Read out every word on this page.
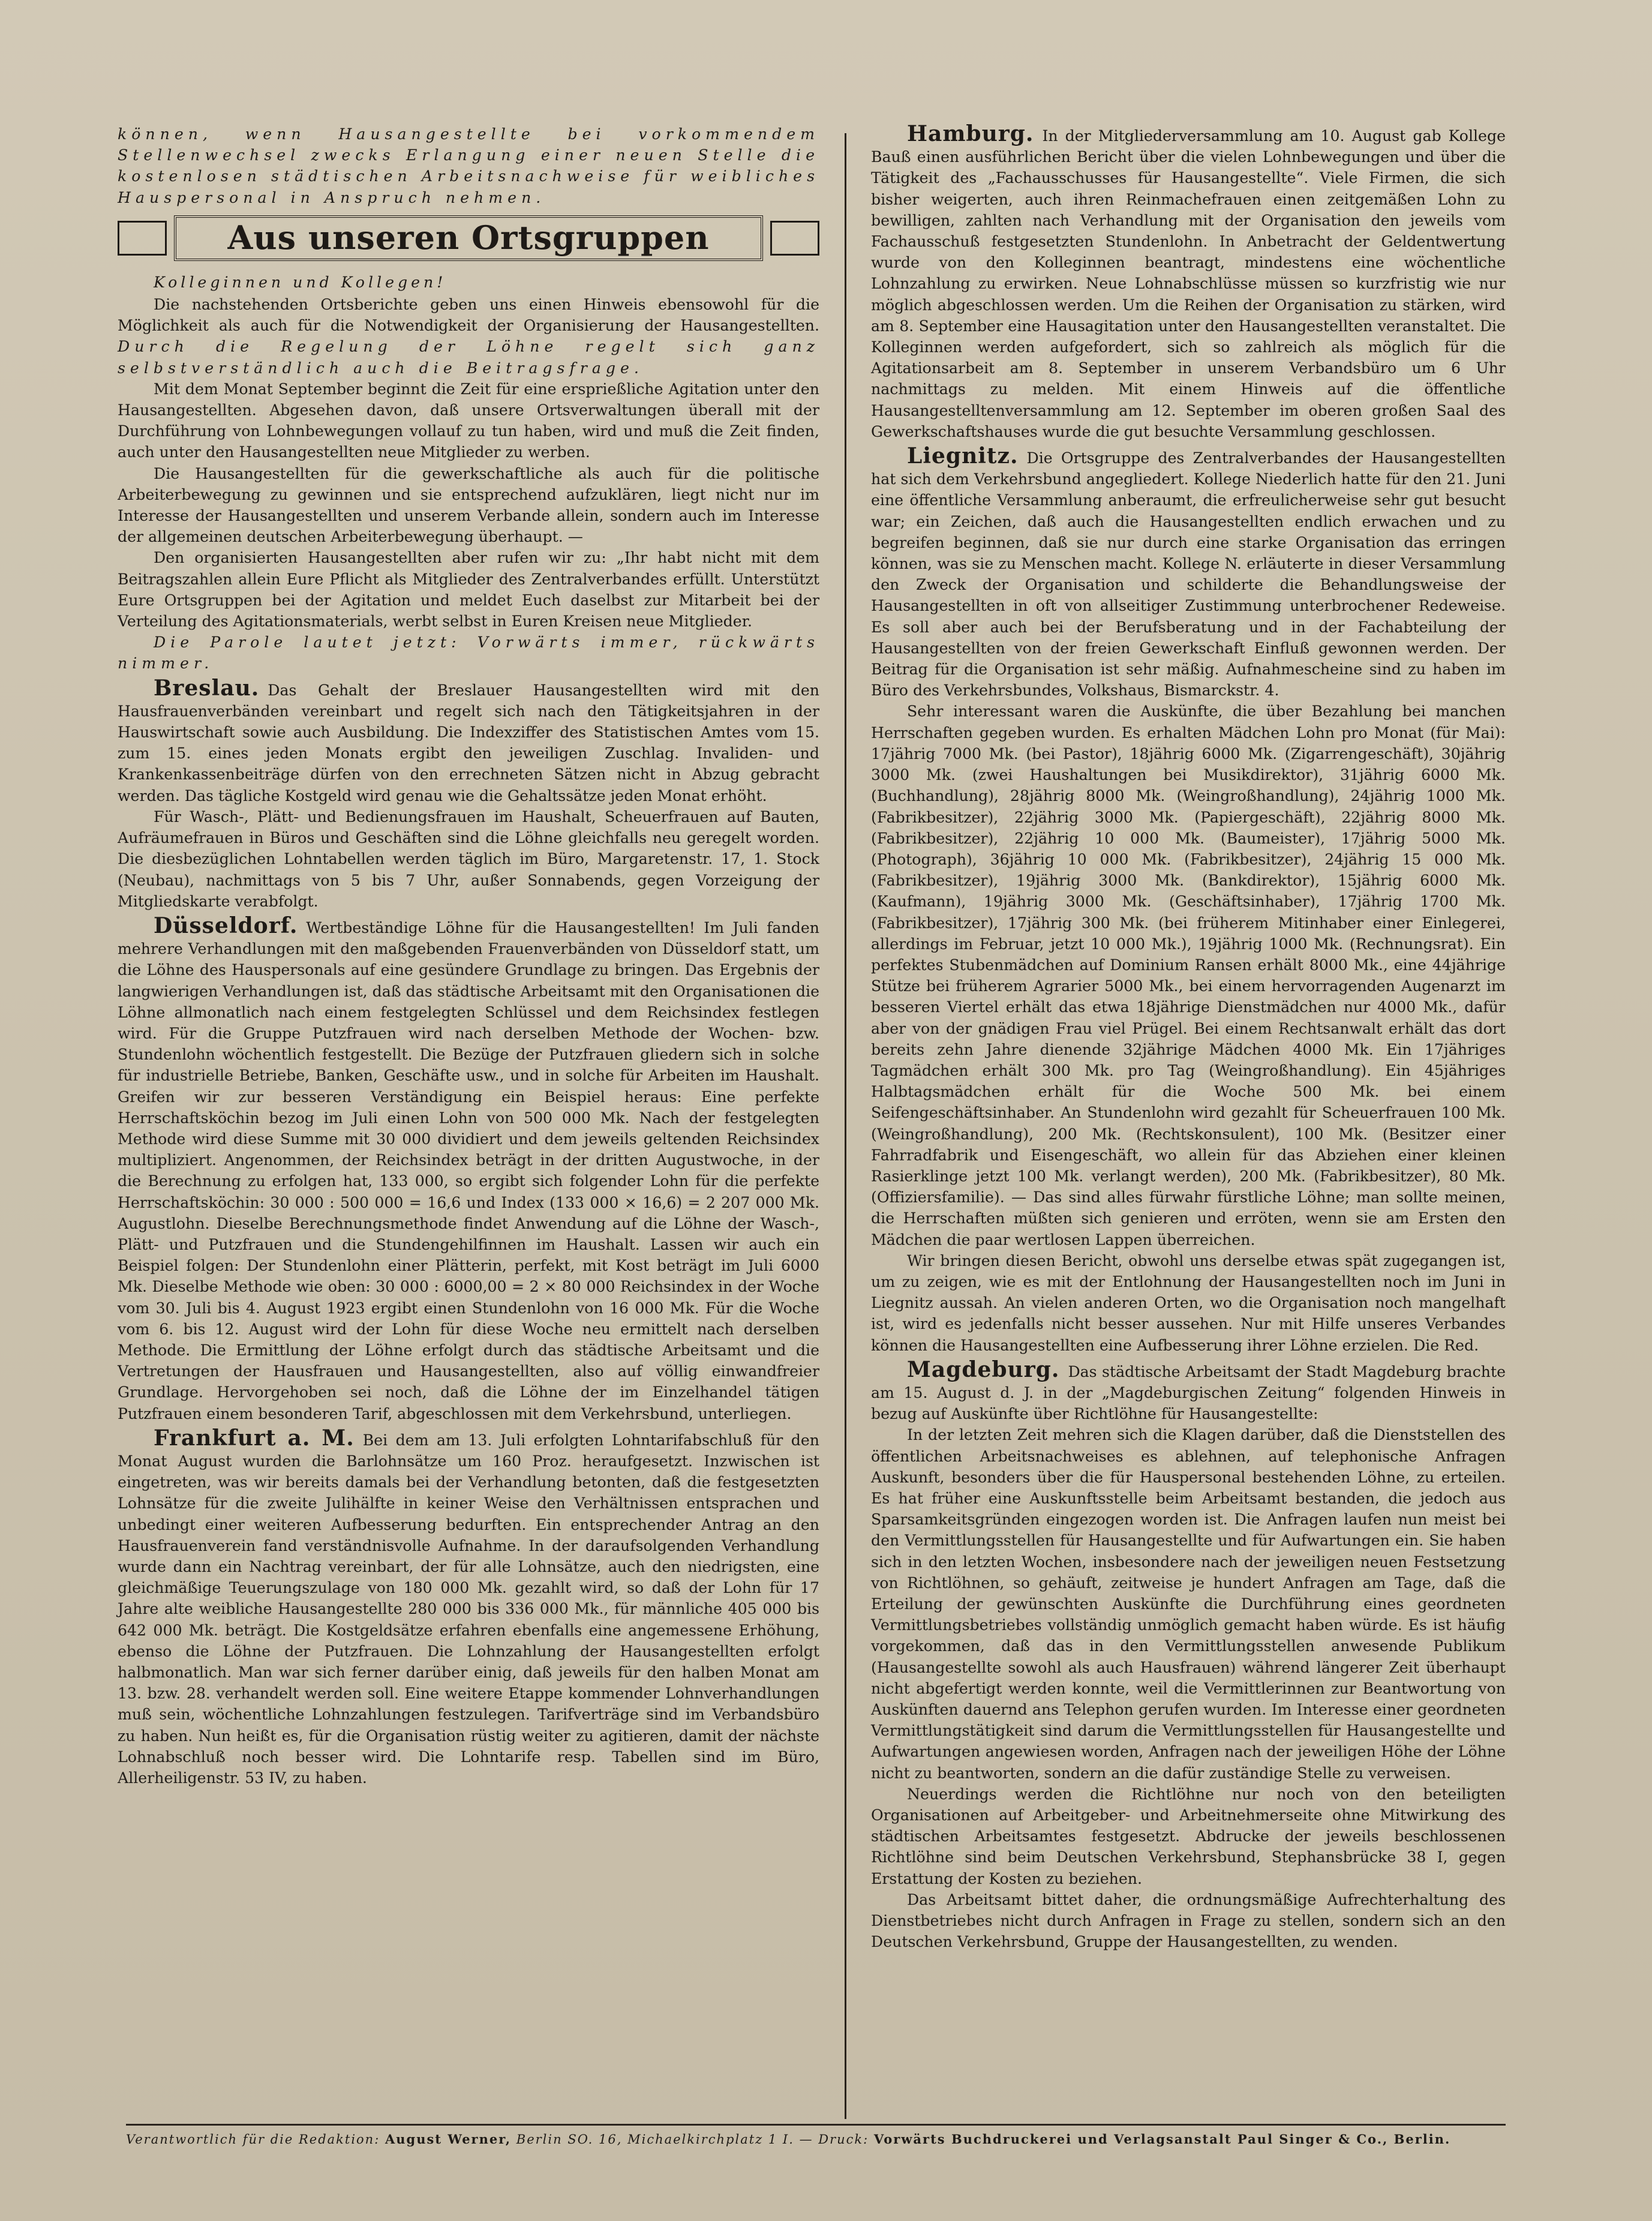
können, wenn Hausangestellte bei vorkommendem Stellenwechsel zwecks Erlangung einer neuen Stelle die kostenlosen städtischen Arbeitsnachweise für weibliches Hauspersonal in Anspruch nehmen.

Aus unseren Ortsgruppen

Kolleginnen und Kollegen!

Die nachstehenden Ortsberichte geben uns einen Hinweis ebensowohl für die Möglichkeit als auch für die Notwendigkeit der Organisierung der Hausangestellten. Durch die Regelung der Löhne regelt sich ganz selbstverständlich auch die Beitragsfrage.

Mit dem Monat September beginnt die Zeit für eine ersprießliche Agitation unter den Hausangestellten. Abgesehen davon, daß unsere Ortsverwaltungen überall mit der Durchführung von Lohnbewegungen vollauf zu tun haben, wird und muß die Zeit finden, auch unter den Hausangestellten neue Mitglieder zu werben.

Die Hausangestellten für die gewerkschaftliche als auch für die politische Arbeiterbewegung zu gewinnen und sie entsprechend aufzuklären, liegt nicht nur im Interesse der Hausangestellten und unserem Verbande allein, sondern auch im Interesse der allgemeinen deutschen Arbeiterbewegung überhaupt. —

Den organisierten Hausangestellten aber rufen wir zu: „Ihr habt nicht mit dem Beitragszahlen allein Eure Pflicht als Mitglieder des Zentralverbandes erfüllt. Unterstützt Eure Ortsgruppen bei der Agitation und meldet Euch daselbst zur Mitarbeit bei der Verteilung des Agitationsmaterials, werbt selbst in Euren Kreisen neue Mitglieder.

Die Parole lautet jetzt: Vorwärts immer, rückwärts nimmer.

Breslau. Das Gehalt der Breslauer Hausangestellten wird mit den Hausfrauenverbänden vereinbart und regelt sich nach den Tätigkeitsjahren in der Hauswirtschaft sowie auch Ausbildung. Die Indexziffer des Statistischen Amtes vom 15. zum 15. eines jeden Monats ergibt den jeweiligen Zuschlag. Invaliden- und Krankenkassenbeiträge dürfen von den errechneten Sätzen nicht in Abzug gebracht werden. Das tägliche Kostgeld wird genau wie die Gehaltssätze jeden Monat erhöht.

Für Wasch-, Plätt- und Bedienungsfrauen im Haushalt, Scheuerfrauen auf Bauten, Aufräumefrauen in Büros und Geschäften sind die Löhne gleichfalls neu geregelt worden. Die diesbezüglichen Lohntabellen werden täglich im Büro, Margaretenstr. 17, 1. Stock (Neubau), nachmittags von 5 bis 7 Uhr, außer Sonnabends, gegen Vorzeigung der Mitgliedskarte verabfolgt.

Düsseldorf. Wertbeständige Löhne für die Hausangestellten! Im Juli fanden mehrere Verhandlungen mit den maßgebenden Frauenverbänden von Düsseldorf statt, um die Löhne des Hauspersonals auf eine gesündere Grundlage zu bringen. Das Ergebnis der langwierigen Verhandlungen ist, daß das städtische Arbeitsamt mit den Organisationen die Löhne allmonatlich nach einem festgelegten Schlüssel und dem Reichsindex festlegen wird. Für die Gruppe Putzfrauen wird nach derselben Methode der Wochen- bzw. Stundenlohn wöchentlich festgestellt. Die Bezüge der Putzfrauen gliedern sich in solche für industrielle Betriebe, Banken, Geschäfte usw., und in solche für Arbeiten im Haushalt. Greifen wir zur besseren Verständigung ein Beispiel heraus: Eine perfekte Herrschaftsköchin bezog im Juli einen Lohn von 500 000 Mk. Nach der festgelegten Methode wird diese Summe mit 30 000 dividiert und dem jeweils geltenden Reichsindex multipliziert. Angenommen, der Reichsindex beträgt in der dritten Augustwoche, in der die Berechnung zu erfolgen hat, 133 000, so ergibt sich folgender Lohn für die perfekte Herrschaftsköchin: 30 000 : 500 000 = 16,6 und Index (133 000 × 16,6) = 2 207 000 Mk. Augustlohn. Dieselbe Berechnungsmethode findet Anwendung auf die Löhne der Wasch-, Plätt- und Putzfrauen und die Stundengehilfinnen im Haushalt. Lassen wir auch ein Beispiel folgen: Der Stundenlohn einer Plätterin, perfekt, mit Kost beträgt im Juli 6000 Mk. Dieselbe Methode wie oben: 30 000 : 6000,00 = 2 × 80 000 Reichsindex in der Woche vom 30. Juli bis 4. August 1923 ergibt einen Stundenlohn von 16 000 Mk. Für die Woche vom 6. bis 12. August wird der Lohn für diese Woche neu ermittelt nach derselben Methode. Die Ermittlung der Löhne erfolgt durch das städtische Arbeitsamt und die Vertretungen der Hausfrauen und Hausangestellten, also auf völlig einwandfreier Grundlage. Hervorgehoben sei noch, daß die Löhne der im Einzelhandel tätigen Putzfrauen einem besonderen Tarif, abgeschlossen mit dem Verkehrsbund, unterliegen.

Frankfurt a. M. Bei dem am 13. Juli erfolgten Lohntarifabschluß für den Monat August wurden die Barlohnsätze um 160 Proz. heraufgesetzt. Inzwischen ist eingetreten, was wir bereits damals bei der Verhandlung betonten, daß die festgesetzten Lohnsätze für die zweite Julihälfte in keiner Weise den Verhältnissen entsprachen und unbedingt einer weiteren Aufbesserung bedurften. Ein entsprechender Antrag an den Hausfrauenverein fand verständnisvolle Aufnahme. In der daraufsolgenden Verhandlung wurde dann ein Nachtrag vereinbart, der für alle Lohnsätze, auch den niedrigsten, eine gleichmäßige Teuerungszulage von 180 000 Mk. gezahlt wird, so daß der Lohn für 17 Jahre alte weibliche Hausangestellte 280 000 bis 336 000 Mk., für männliche 405 000 bis 642 000 Mk. beträgt. Die Kostgeldsätze erfahren ebenfalls eine angemessene Erhöhung, ebenso die Löhne der Putzfrauen. Die Lohnzahlung der Hausangestellten erfolgt halbmonatlich. Man war sich ferner darüber einig, daß jeweils für den halben Monat am 13. bzw. 28. verhandelt werden soll. Eine weitere Etappe kommender Lohnverhandlungen muß sein, wöchentliche Lohnzahlungen festzulegen. Tarifverträge sind im Verbandsbüro zu haben. Nun heißt es, für die Organisation rüstig weiter zu agitieren, damit der nächste Lohnabschluß noch besser wird. Die Lohntarife resp. Tabellen sind im Büro, Allerheiligenstr. 53 IV, zu haben.

Hamburg. In der Mitgliederversammlung am 10. August gab Kollege Bauß einen ausführlichen Bericht über die vielen Lohnbewegungen und über die Tätigkeit des „Fachausschusses für Hausangestellte“. Viele Firmen, die sich bisher weigerten, auch ihren Reinmachefrauen einen zeitgemäßen Lohn zu bewilligen, zahlten nach Verhandlung mit der Organisation den jeweils vom Fachausschuß festgesetzten Stundenlohn. In Anbetracht der Geldentwertung wurde von den Kolleginnen beantragt, mindestens eine wöchentliche Lohnzahlung zu erwirken. Neue Lohnabschlüsse müssen so kurzfristig wie nur möglich abgeschlossen werden. Um die Reihen der Organisation zu stärken, wird am 8. September eine Hausagitation unter den Hausangestellten veranstaltet. Die Kolleginnen werden aufgefordert, sich so zahlreich als möglich für die Agitationsarbeit am 8. September in unserem Verbandsbüro um 6 Uhr nachmittags zu melden. Mit einem Hinweis auf die öffentliche Hausangestelltenversammlung am 12. September im oberen großen Saal des Gewerkschaftshauses wurde die gut besuchte Versammlung geschlossen.

Liegnitz. Die Ortsgruppe des Zentralverbandes der Hausangestellten hat sich dem Verkehrsbund angegliedert. Kollege Niederlich hatte für den 21. Juni eine öffentliche Versammlung anberaumt, die erfreulicherweise sehr gut besucht war; ein Zeichen, daß auch die Hausangestellten endlich erwachen und zu begreifen beginnen, daß sie nur durch eine starke Organisation das erringen können, was sie zu Menschen macht. Kollege N. erläuterte in dieser Versammlung den Zweck der Organisation und schilderte die Behandlungsweise der Hausangestellten in oft von allseitiger Zustimmung unterbrochener Redeweise. Es soll aber auch bei der Berufsberatung und in der Fachabteilung der Hausangestellten von der freien Gewerkschaft Einfluß gewonnen werden. Der Beitrag für die Organisation ist sehr mäßig. Aufnahmescheine sind zu haben im Büro des Verkehrsbundes, Volkshaus, Bismarckstr. 4.

Sehr interessant waren die Auskünfte, die über Bezahlung bei manchen Herrschaften gegeben wurden. Es erhalten Mädchen Lohn pro Monat (für Mai): 17jährig 7000 Mk. (bei Pastor), 18jährig 6000 Mk. (Zigarrengeschäft), 30jährig 3000 Mk. (zwei Haushaltungen bei Musikdirektor), 31jährig 6000 Mk. (Buchhandlung), 28jährig 8000 Mk. (Weingroßhandlung), 24jährig 1000 Mk. (Fabrikbesitzer), 22jährig 3000 Mk. (Papiergeschäft), 22jährig 8000 Mk. (Fabrikbesitzer), 22jährig 10 000 Mk. (Baumeister), 17jährig 5000 Mk. (Photograph), 36jährig 10 000 Mk. (Fabrikbesitzer), 24jährig 15 000 Mk. (Fabrikbesitzer), 19jährig 3000 Mk. (Bankdirektor), 15jährig 6000 Mk. (Kaufmann), 19jährig 3000 Mk. (Geschäftsinhaber), 17jährig 1700 Mk. (Fabrikbesitzer), 17jährig 300 Mk. (bei früherem Mitinhaber einer Einlegerei, allerdings im Februar, jetzt 10 000 Mk.), 19jährig 1000 Mk. (Rechnungsrat). Ein perfektes Stubenmädchen auf Dominium Ransen erhält 8000 Mk., eine 44jährige Stütze bei früherem Agrarier 5000 Mk., bei einem hervorragenden Augenarzt im besseren Viertel erhält das etwa 18jährige Dienstmädchen nur 4000 Mk., dafür aber von der gnädigen Frau viel Prügel. Bei einem Rechtsanwalt erhält das dort bereits zehn Jahre dienende 32jährige Mädchen 4000 Mk. Ein 17jähriges Tagmädchen erhält 300 Mk. pro Tag (Weingroßhandlung). Ein 45jähriges Halbtagsmädchen erhält für die Woche 500 Mk. bei einem Seifengeschäftsinhaber. An Stundenlohn wird gezahlt für Scheuerfrauen 100 Mk. (Weingroßhandlung), 200 Mk. (Rechtskonsulent), 100 Mk. (Besitzer einer Fahrradfabrik und Eisengeschäft, wo allein für das Abziehen einer kleinen Rasierklinge jetzt 100 Mk. verlangt werden), 200 Mk. (Fabrikbesitzer), 80 Mk. (Offiziersfamilie). — Das sind alles fürwahr fürstliche Löhne; man sollte meinen, die Herrschaften müßten sich genieren und erröten, wenn sie am Ersten den Mädchen die paar wertlosen Lappen überreichen.

Wir bringen diesen Bericht, obwohl uns derselbe etwas spät zugegangen ist, um zu zeigen, wie es mit der Entlohnung der Hausangestellten noch im Juni in Liegnitz aussah. An vielen anderen Orten, wo die Organisation noch mangelhaft ist, wird es jedenfalls nicht besser aussehen. Nur mit Hilfe unseres Verbandes können die Hausangestellten eine Aufbesserung ihrer Löhne erzielen. Die Red.

Magdeburg. Das städtische Arbeitsamt der Stadt Magdeburg brachte am 15. August d. J. in der „Magdeburgischen Zeitung“ folgenden Hinweis in bezug auf Auskünfte über Richtlöhne für Hausangestellte:

In der letzten Zeit mehren sich die Klagen darüber, daß die Dienststellen des öffentlichen Arbeitsnachweises es ablehnen, auf telephonische Anfragen Auskunft, besonders über die für Hauspersonal bestehenden Löhne, zu erteilen. Es hat früher eine Auskunftsstelle beim Arbeitsamt bestanden, die jedoch aus Sparsamkeitsgründen eingezogen worden ist. Die Anfragen laufen nun meist bei den Vermittlungsstellen für Hausangestellte und für Aufwartungen ein. Sie haben sich in den letzten Wochen, insbesondere nach der jeweiligen neuen Festsetzung von Richtlöhnen, so gehäuft, zeitweise je hundert Anfragen am Tage, daß die Erteilung der gewünschten Auskünfte die Durchführung eines geordneten Vermittlungsbetriebes vollständig unmöglich gemacht haben würde. Es ist häufig vorgekommen, daß das in den Vermittlungsstellen anwesende Publikum (Hausangestellte sowohl als auch Hausfrauen) während längerer Zeit überhaupt nicht abgefertigt werden konnte, weil die Vermittlerinnen zur Beantwortung von Auskünften dauernd ans Telephon gerufen wurden. Im Interesse einer geordneten Vermittlungstätigkeit sind darum die Vermittlungsstellen für Hausangestellte und Aufwartungen angewiesen worden, Anfragen nach der jeweiligen Höhe der Löhne nicht zu beantworten, sondern an die dafür zuständige Stelle zu verweisen.

Neuerdings werden die Richtlöhne nur noch von den beteiligten Organisationen auf Arbeitgeber- und Arbeitnehmerseite ohne Mitwirkung des städtischen Arbeitsamtes festgesetzt. Abdrucke der jeweils beschlossenen Richtlöhne sind beim Deutschen Verkehrsbund, Stephansbrücke 38 I, gegen Erstattung der Kosten zu beziehen.

Das Arbeitsamt bittet daher, die ordnungsmäßige Aufrechterhaltung des Dienstbetriebes nicht durch Anfragen in Frage zu stellen, sondern sich an den Deutschen Verkehrsbund, Gruppe der Hausangestellten, zu wenden.

Verantwortlich für die Redaktion: August Werner, Berlin SO. 16, Michaelkirchplatz 1 I. — Druck: Vorwärts Buchdruckerei und Verlagsanstalt Paul Singer & Co., Berlin.
